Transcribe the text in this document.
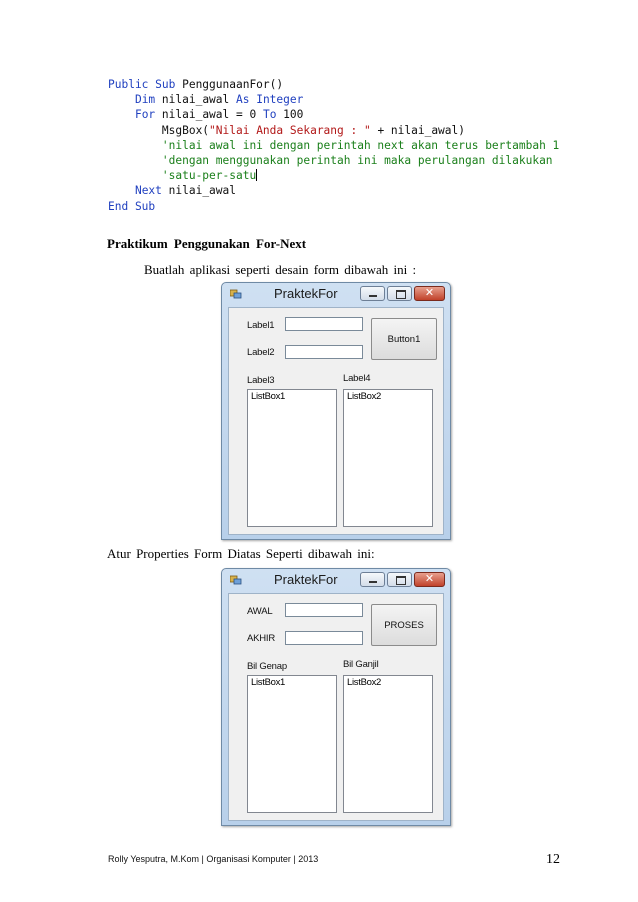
Public Sub PenggunaanFor()
Dim nilai_awal As Integer
For nilai_awal = 0 To 100
MsgBox("Nilai Anda Sekarang : " + nilai_awal)
'nilai awal ini dengan perintah next akan terus bertambah 1
'dengan menggunakan perintah ini maka perulangan dilakukan
'satu-per-satu
Next nilai_awal
End Sub
Praktikum Penggunakan For-Next
Buatlah aplikasi seperti desain form dibawah ini :
PraktekFor	✕
Label1
Label2
Button1
Label3	Label4
ListBox1	ListBox2
Atur Properties Form Diatas Seperti dibawah ini:
PraktekFor	✕
AWAL
AKHIR
PROSES
Bil Genap	Bil Ganjil
ListBox1	ListBox2
Rolly Yesputra, M.Kom | Organisasi Komputer | 2013	12
